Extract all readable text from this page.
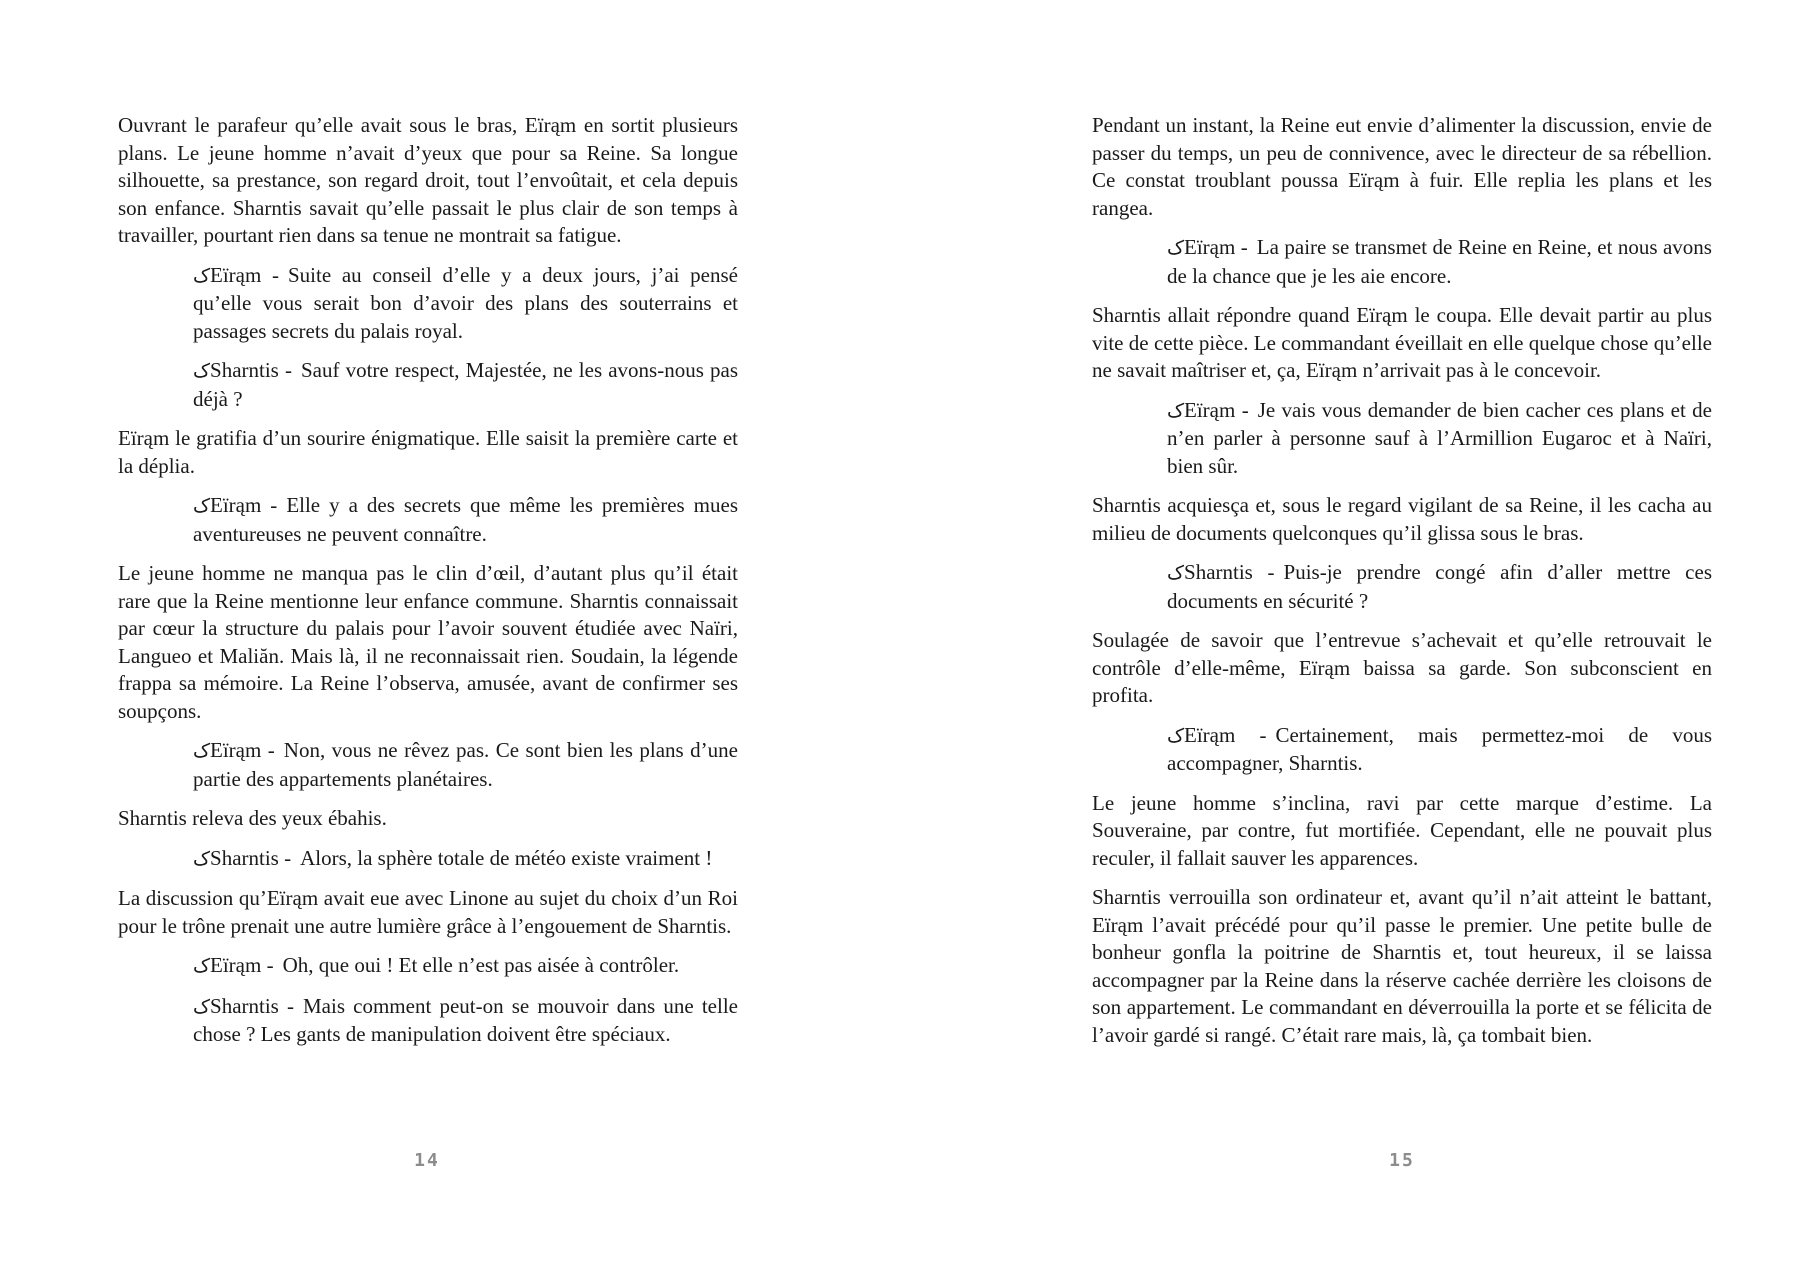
Ouvrant le parafeur qu’elle avait sous le bras, Eïrąm en sortit plusieurs plans. Le jeune homme n’avait d’yeux que pour sa Reine. Sa longue silhouette, sa prestance, son regard droit, tout l’envoûtait, et cela depuis son enfance. Sharntis savait qu’elle passait le plus clair de son temps à travailler, pourtant rien dans sa tenue ne montrait sa fatigue.
کEïrąm - Suite au conseil d’elle y a deux jours, j’ai pensé qu’elle vous serait bon d’avoir des plans des souterrains et passages secrets du palais royal.
کSharntis - Sauf votre respect, Majestée, ne les avons-nous pas déjà ?
Eïrąm le gratifia d’un sourire énigmatique. Elle saisit la première carte et la déplia.
کEïrąm - Elle y a des secrets que même les premières mues aventureuses ne peuvent connaître.
Le jeune homme ne manqua pas le clin d’œil, d’autant plus qu’il était rare que la Reine mentionne leur enfance commune. Sharntis connaissait par cœur la structure du palais pour l’avoir souvent étudiée avec Naïri, Langueo et Maliăn. Mais là, il ne reconnaissait rien. Soudain, la légende frappa sa mémoire. La Reine l’observa, amusée, avant de confirmer ses soupçons.
کEïrąm - Non, vous ne rêvez pas. Ce sont bien les plans d’une partie des appartements planétaires.
Sharntis releva des yeux ébahis.
کSharntis - Alors, la sphère totale de météo existe vraiment !
La discussion qu’Eïrąm avait eue avec Linone au sujet du choix d’un Roi pour le trône prenait une autre lumière grâce à l’engouement de Sharntis.
کEïrąm - Oh, que oui ! Et elle n’est pas aisée à contrôler.
کSharntis - Mais comment peut-on se mouvoir dans une telle chose ? Les gants de manipulation doivent être spéciaux.
Pendant un instant, la Reine eut envie d’alimenter la discussion, envie de passer du temps, un peu de connivence, avec le directeur de sa rébellion. Ce constat troublant poussa Eïrąm à fuir. Elle replia les plans et les rangea.
کEïrąm - La paire se transmet de Reine en Reine, et nous avons de la chance que je les aie encore.
Sharntis allait répondre quand Eïrąm le coupa. Elle devait partir au plus vite de cette pièce. Le commandant éveillait en elle quelque chose qu’elle ne savait maîtriser et, ça, Eïrąm n’arrivait pas à le concevoir.
کEïrąm - Je vais vous demander de bien cacher ces plans et de n’en parler à personne sauf à l’Armillion Eugaroc et à Naïri, bien sûr.
Sharntis acquiesça et, sous le regard vigilant de sa Reine, il les cacha au milieu de documents quelconques qu’il glissa sous le bras.
کSharntis - Puis-je prendre congé afin d’aller mettre ces documents en sécurité ?
Soulagée de savoir que l’entrevue s’achevait et qu’elle retrouvait le contrôle d’elle-même, Eïrąm baissa sa garde. Son subconscient en profita.
کEïrąm - Certainement, mais permettez-moi de vous accompagner, Sharntis.
Le jeune homme s’inclina, ravi par cette marque d’estime. La Souveraine, par contre, fut mortifiée. Cependant, elle ne pouvait plus reculer, il fallait sauver les apparences.
Sharntis verrouilla son ordinateur et, avant qu’il n’ait atteint le battant, Eïrąm l’avait précédé pour qu’il passe le premier. Une petite bulle de bonheur gonfla la poitrine de Sharntis et, tout heureux, il se laissa accompagner par la Reine dans la réserve cachée derrière les cloisons de son appartement. Le commandant en déverrouilla la porte et se félicita de l’avoir gardé si rangé. C’était rare mais, là, ça tombait bien.
14	15
